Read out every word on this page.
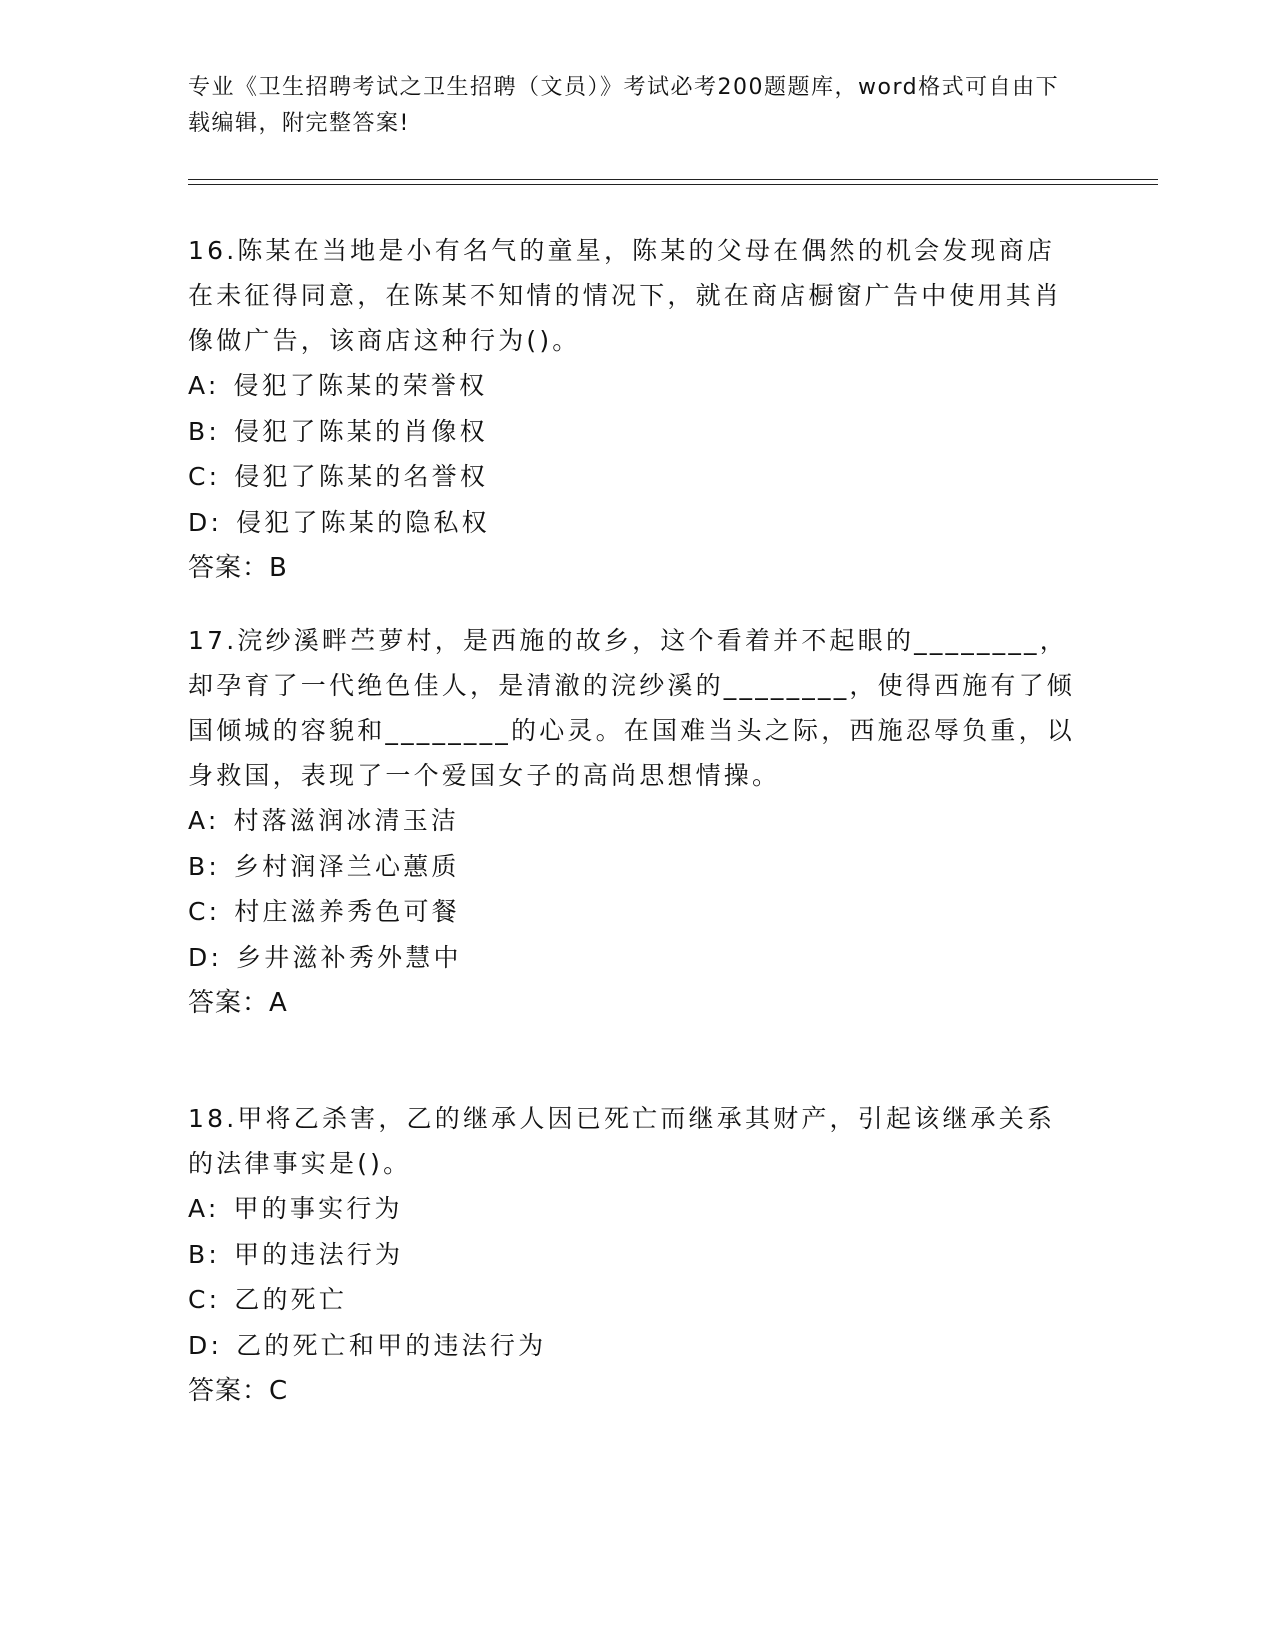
专业《卫生招聘考试之卫生招聘（文员）》考试必考200题题库，word格式可自由下载编辑，附完整答案!
16.陈某在当地是小有名气的童星，陈某的父母在偶然的机会发现商店在未征得同意，在陈某不知情的情况下，就在商店橱窗广告中使用其肖像做广告，该商店这种行为()。
A: 侵犯了陈某的荣誉权
B: 侵犯了陈某的肖像权
C: 侵犯了陈某的名誉权
D: 侵犯了陈某的隐私权
答案：B
17.浣纱溪畔苎萝村，是西施的故乡，这个看着并不起眼的________，却孕育了一代绝色佳人，是清澈的浣纱溪的________，使得西施有了倾国倾城的容貌和________的心灵。在国难当头之际，西施忍辱负重，以身救国，表现了一个爱国女子的高尚思想情操。
A: 村落滋润冰清玉洁
B: 乡村润泽兰心蕙质
C: 村庄滋养秀色可餐
D: 乡井滋补秀外慧中
答案：A
18.甲将乙杀害，乙的继承人因已死亡而继承其财产，引起该继承关系的法律事实是()。
A: 甲的事实行为
B: 甲的违法行为
C: 乙的死亡
D: 乙的死亡和甲的违法行为
答案：C
